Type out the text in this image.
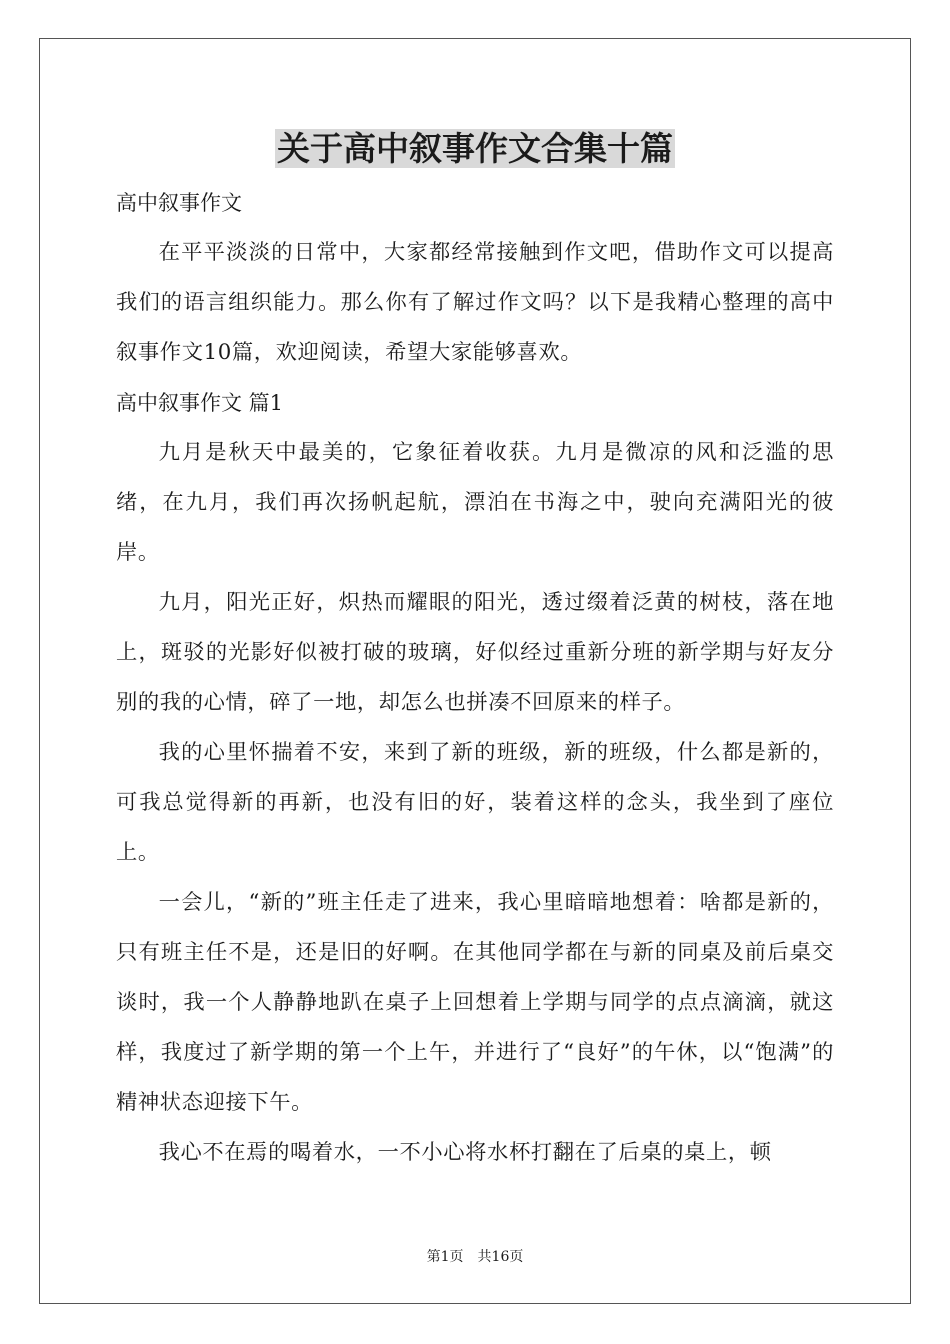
关于高中叙事作文合集十篇

高中叙事作文

在平平淡淡的日常中，大家都经常接触到作文吧，借助作文可以提高我们的语言组织能力。那么你有了解过作文吗？以下是我精心整理的高中叙事作文10篇，欢迎阅读，希望大家能够喜欢。

高中叙事作文 篇1

九月是秋天中最美的，它象征着收获。九月是微凉的风和泛滥的思绪，在九月，我们再次扬帆起航，漂泊在书海之中，驶向充满阳光的彼岸。

九月，阳光正好，炽热而耀眼的阳光，透过缀着泛黄的树枝，落在地上，斑驳的光影好似被打破的玻璃，好似经过重新分班的新学期与好友分别的我的心情，碎了一地，却怎么也拼凑不回原来的样子。

我的心里怀揣着不安，来到了新的班级，新的班级，什么都是新的，可我总觉得新的再新，也没有旧的好，装着这样的念头，我坐到了座位上。

一会儿，“新的”班主任走了进来，我心里暗暗地想着：啥都是新的，只有班主任不是，还是旧的好啊。在其他同学都在与新的同桌及前后桌交谈时，我一个人静静地趴在桌子上回想着上学期与同学的点点滴滴，就这样，我度过了新学期的第一个上午，并进行了“良好”的午休，以“饱满”的精神状态迎接下午。

我心不在焉的喝着水，一不小心将水杯打翻在了后桌的桌上，顿

第1页 共16页
